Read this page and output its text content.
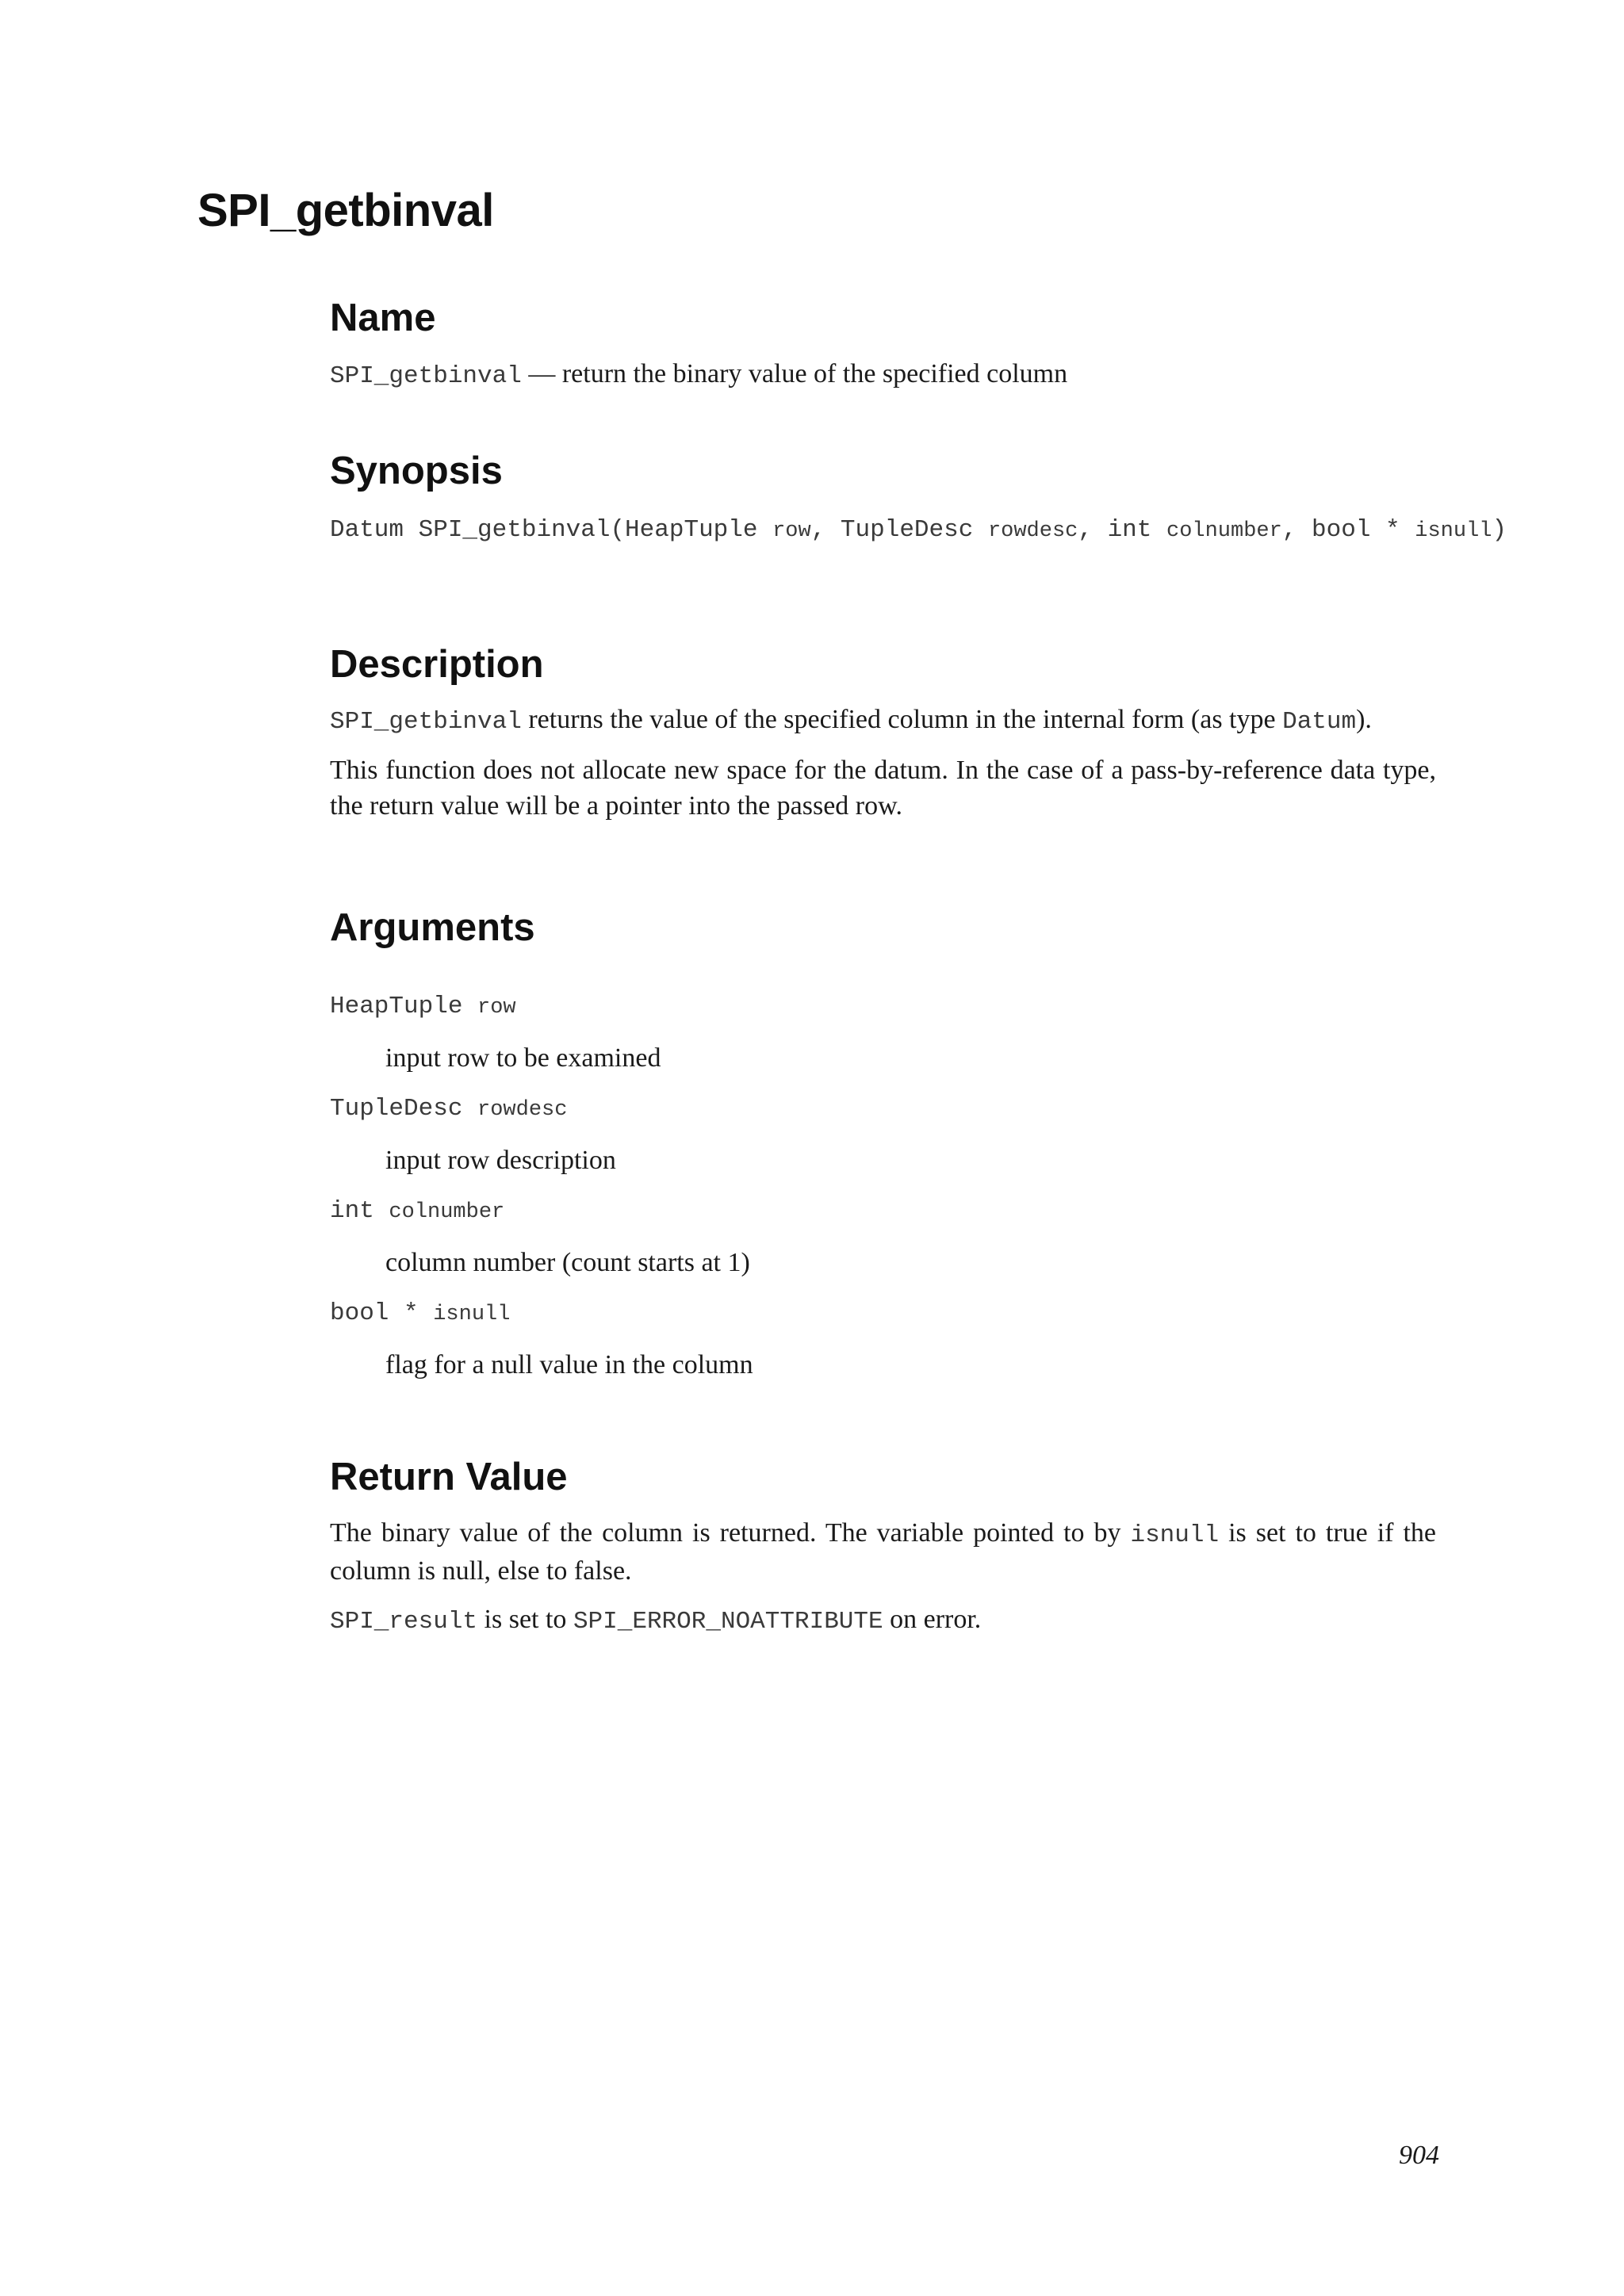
SPI_getbinval
Name

SPI_getbinval — return the binary value of the specified column

Synopsis
Datum SPI_getbinval(HeapTuple row, TupleDesc rowdesc, int colnumber, bool * isnull)
Description

SPI_getbinval returns the value of the specified column in the internal form (as type Datum).

This function does not allocate new space for the datum. In the case of a pass-by-reference data type, the return value will be a pointer into the passed row.

Arguments
HeapTuple row

input row to be examined

TupleDesc rowdesc

input row description

int colnumber

column number (count starts at 1)

bool * isnull

flag for a null value in the column

Return Value

The binary value of the column is returned. The variable pointed to by isnull is set to true if the column is null, else to false.

SPI_result is set to SPI_ERROR_NOATTRIBUTE on error.

904
